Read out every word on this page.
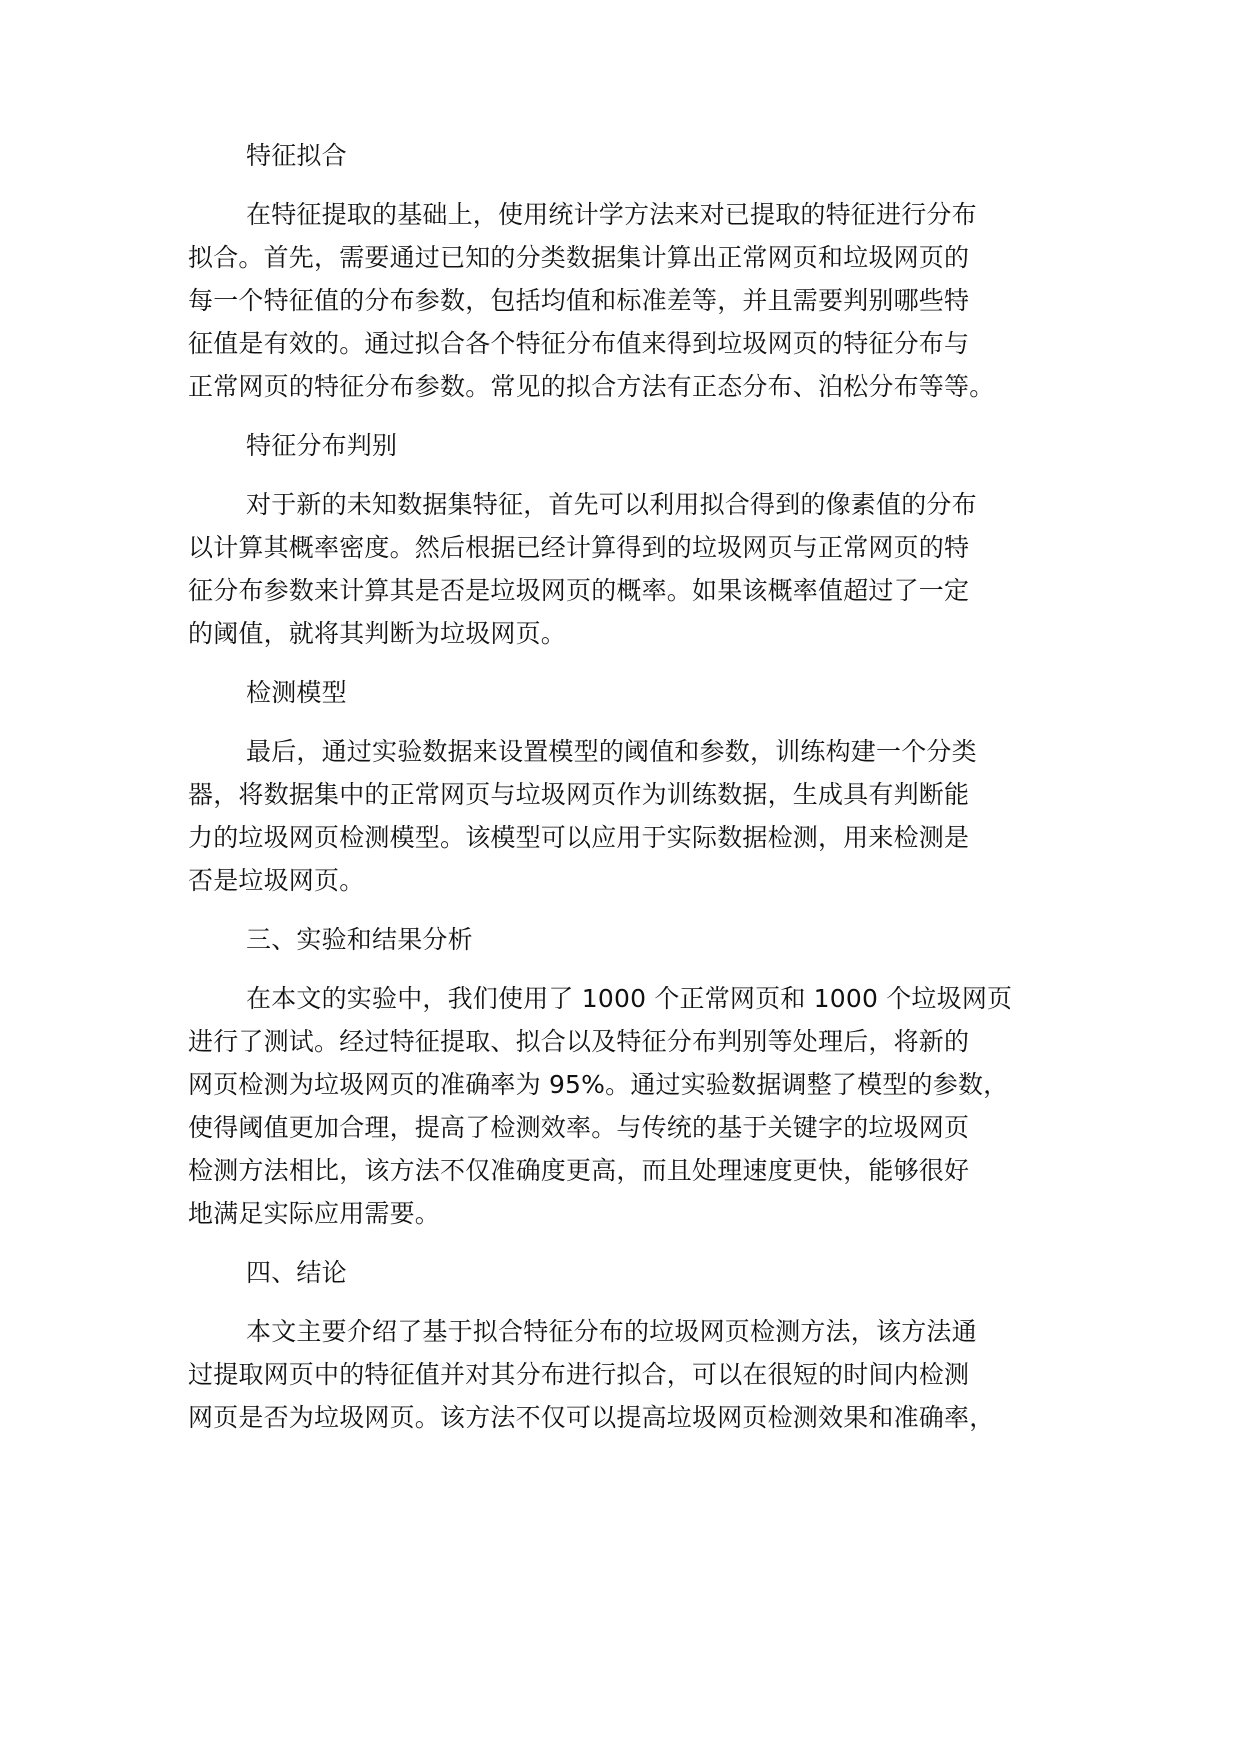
特征拟合

在特征提取的基础上，使用统计学方法来对已提取的特征进行分布

拟合。首先，需要通过已知的分类数据集计算出正常网页和垃圾网页的

每一个特征值的分布参数，包括均值和标准差等，并且需要判别哪些特

征值是有效的。通过拟合各个特征分布值来得到垃圾网页的特征分布与

正常网页的特征分布参数。常见的拟合方法有正态分布、泊松分布等等。

特征分布判别

对于新的未知数据集特征，首先可以利用拟合得到的像素值的分布

以计算其概率密度。然后根据已经计算得到的垃圾网页与正常网页的特

征分布参数来计算其是否是垃圾网页的概率。如果该概率值超过了一定

的阈值，就将其判断为垃圾网页。

检测模型

最后，通过实验数据来设置模型的阈值和参数，训练构建一个分类

器，将数据集中的正常网页与垃圾网页作为训练数据，生成具有判断能

力的垃圾网页检测模型。该模型可以应用于实际数据检测，用来检测是

否是垃圾网页。

三、实验和结果分析

在本文的实验中，我们使用了 1000 个正常网页和 1000 个垃圾网页

进行了测试。经过特征提取、拟合以及特征分布判别等处理后，将新的

网页检测为垃圾网页的准确率为 95%。通过实验数据调整了模型的参数，

使得阈值更加合理，提高了检测效率。与传统的基于关键字的垃圾网页

检测方法相比，该方法不仅准确度更高，而且处理速度更快，能够很好

地满足实际应用需要。

四、结论

本文主要介绍了基于拟合特征分布的垃圾网页检测方法，该方法通

过提取网页中的特征值并对其分布进行拟合，可以在很短的时间内检测

网页是否为垃圾网页。该方法不仅可以提高垃圾网页检测效果和准确率，
